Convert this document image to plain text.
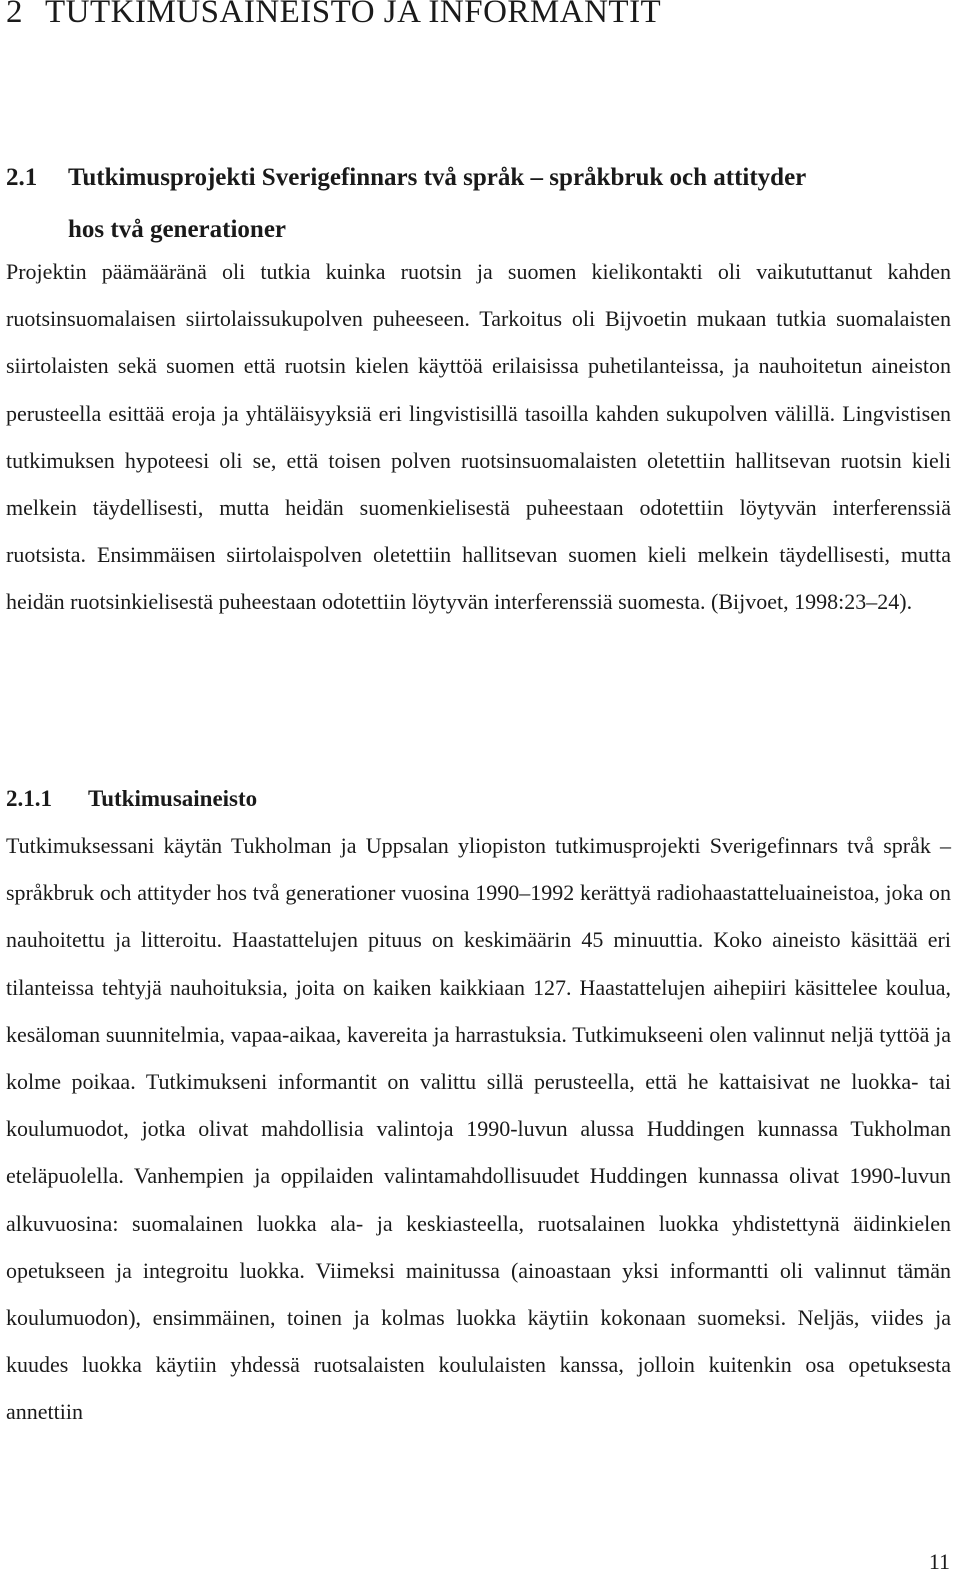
2 TUTKIMUSAINEISTO JA INFORMANTIT
2.1 Tutkimusprojekti Sverigefinnars två språk – språkbruk och attityder
hos två generationer

Projektin päämääränä oli tutkia kuinka ruotsin ja suomen kielikontakti oli vaikututtanut kahden ruotsinsuomalaisen siirtolaissukupolven puheeseen. Tarkoitus oli Bijvoetin mukaan tutkia suomalaisten siirtolaisten sekä suomen että ruotsin kielen käyttöä erilaisissa puhetilanteissa, ja nauhoitetun aineiston perusteella esittää eroja ja yhtäläisyyksiä eri lingvistisillä tasoilla kahden sukupolven välillä. Lingvistisen tutkimuksen hypoteesi oli se, että toisen polven ruotsinsuomalaisten oletettiin hallitsevan ruotsin kieli melkein täydellisesti, mutta heidän suomenkielisestä puheestaan odotettiin löytyvän interferenssiä ruotsista. Ensimmäisen siirtolaispolven oletettiin hallitsevan suomen kieli melkein täydellisesti, mutta heidän ruotsinkielisestä puheestaan odotettiin löytyvän interferenssiä suomesta. (Bijvoet, 1998:23–24).

2.1.1 Tutkimusaineisto

Tutkimuksessani käytän Tukholman ja Uppsalan yliopiston tutkimusprojekti Sverigefinnars två språk – språkbruk och attityder hos två generationer vuosina 1990–1992 kerättyä radiohaastatteluaineistoa, joka on nauhoitettu ja litteroitu. Haastattelujen pituus on keskimäärin 45 minuuttia. Koko aineisto käsittää eri tilanteissa tehtyjä nauhoituksia, joita on kaiken kaikkiaan 127. Haastattelujen aihepiiri käsittelee koulua, kesäloman suunnitelmia, vapaa-aikaa, kavereita ja harrastuksia. Tutkimukseeni olen valinnut neljä tyttöä ja kolme poikaa. Tutkimukseni informantit on valittu sillä perusteella, että he kattaisivat ne luokka- tai koulumuodot, jotka olivat mahdollisia valintoja 1990-luvun alussa Huddingen kunnassa Tukholman eteläpuolella. Vanhempien ja oppilaiden valintamahdollisuudet Huddingen kunnassa olivat 1990-luvun alkuvuosina: suomalainen luokka ala- ja keskiasteella, ruotsalainen luokka yhdistettynä äidinkielen opetukseen ja integroitu luokka. Viimeksi mainitussa (ainoastaan yksi informantti oli valinnut tämän koulumuodon), ensimmäinen, toinen ja kolmas luokka käytiin kokonaan suomeksi. Neljäs, viides ja kuudes luokka käytiin yhdessä ruotsalaisten koululaisten kanssa, jolloin kuitenkin osa opetuksesta annettiin

11
